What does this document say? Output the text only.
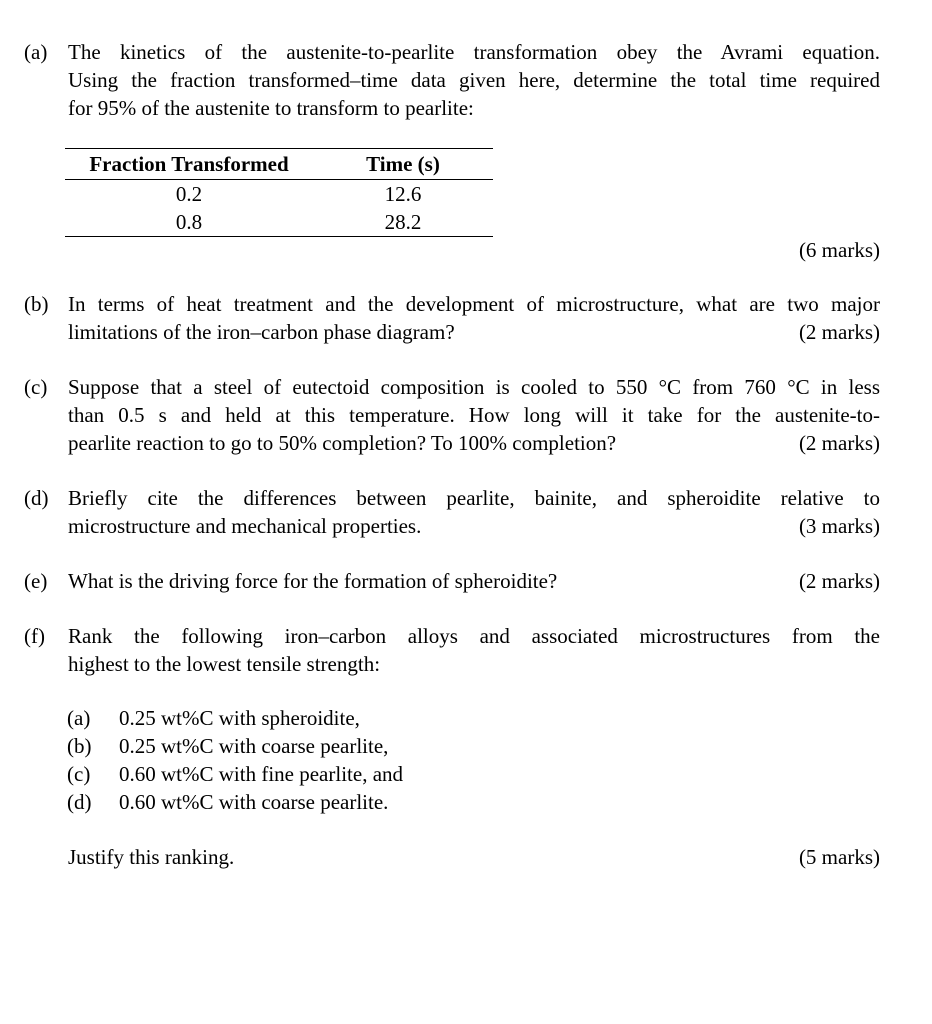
(a) The kinetics of the austenite-to-pearlite transformation obey the Avrami equation.
Using the fraction transformed–time data given here, determine the total time required
for 95% of the austenite to transform to pearlite:
Fraction Transformed	Time (s)
0.2	12.6
0.8	28.2
(6 marks)
(b) In terms of heat treatment and the development of microstructure, what are two major
limitations of the iron–carbon phase diagram?	(2 marks)
(c) Suppose that a steel of eutectoid composition is cooled to 550 °C from 760 °C in less
than 0.5 s and held at this temperature. How long will it take for the austenite-to-
pearlite reaction to go to 50% completion? To 100% completion?	(2 marks)
(d) Briefly cite the differences between pearlite, bainite, and spheroidite relative to
microstructure and mechanical properties.	(3 marks)
(e) What is the driving force for the formation of spheroidite?	(2 marks)
(f)	Rank the following iron–carbon alloys and associated microstructures from the
highest to the lowest tensile strength:
(a)	0.25 wt%C with spheroidite,
(b)	0.25 wt%C with coarse pearlite,
(c)	0.60 wt%C with fine pearlite, and
(d)	0.60 wt%C with coarse pearlite.
Justify this ranking.	(5 marks)
